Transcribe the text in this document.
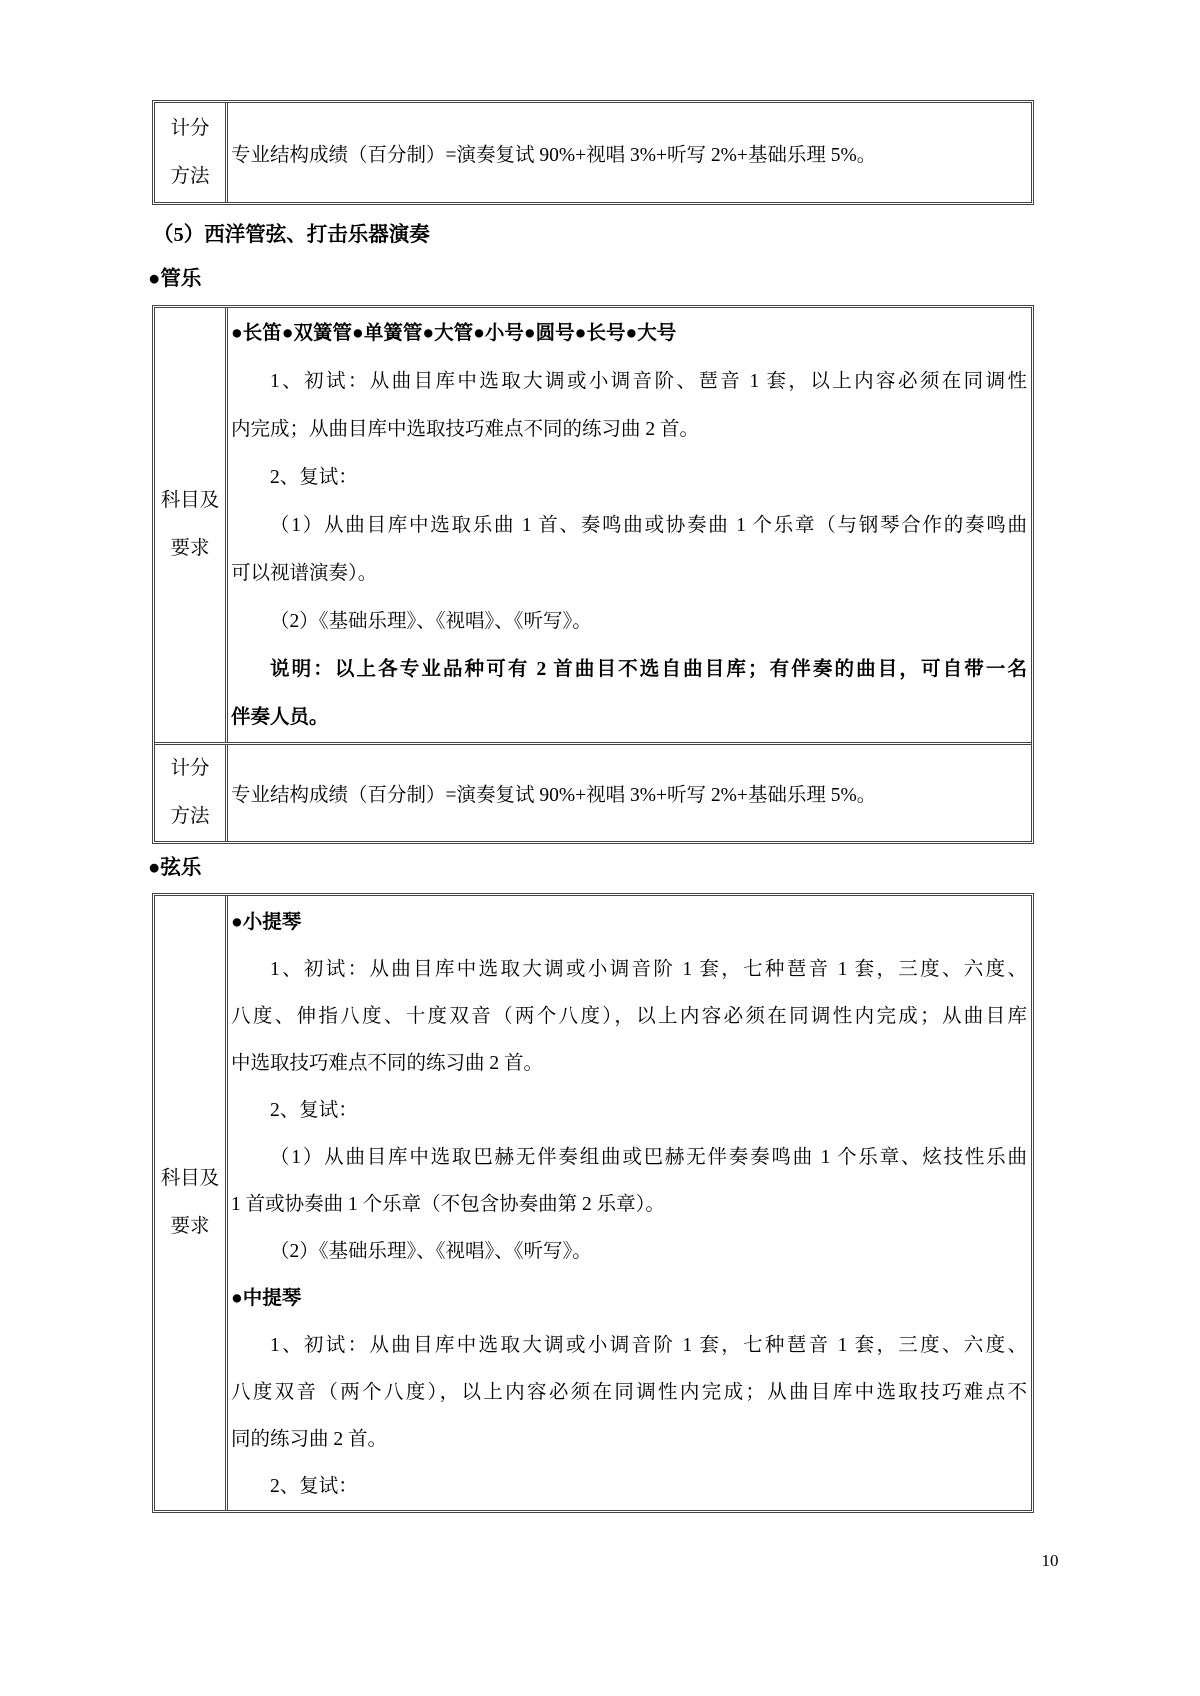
计分
方法
专业结构成绩（百分制）=演奏复试 90%+视唱 3%+听写 2%+基础乐理 5%。
（5）西洋管弦、打击乐器演奏
●管乐
科目及
要求
●长笛●双簧管●单簧管●大管●小号●圆号●长号●大号
1、初试：从曲目库中选取大调或小调音阶、琶音 1 套，以上内容必须在同调性
内完成；从曲目库中选取技巧难点不同的练习曲 2 首。
2、复试：
（1）从曲目库中选取乐曲 1 首、奏鸣曲或协奏曲 1 个乐章（与钢琴合作的奏鸣曲
可以视谱演奏）。
（2）《基础乐理》、《视唱》、《听写》。
说明：以上各专业品种可有 2 首曲目不选自曲目库；有伴奏的曲目，可自带一名
伴奏人员。
计分
方法
专业结构成绩（百分制）=演奏复试 90%+视唱 3%+听写 2%+基础乐理 5%。
●弦乐
科目及
要求
●小提琴
1、初试：从曲目库中选取大调或小调音阶 1 套，七种琶音 1 套，三度、六度、
八度、伸指八度、十度双音（两个八度），以上内容必须在同调性内完成；从曲目库
中选取技巧难点不同的练习曲 2 首。
2、复试：
（1）从曲目库中选取巴赫无伴奏组曲或巴赫无伴奏奏鸣曲 1 个乐章、炫技性乐曲
1 首或协奏曲 1 个乐章（不包含协奏曲第 2 乐章）。
（2）《基础乐理》、《视唱》、《听写》。
●中提琴
1、初试：从曲目库中选取大调或小调音阶 1 套，七种琶音 1 套，三度、六度、
八度双音（两个八度），以上内容必须在同调性内完成；从曲目库中选取技巧难点不
同的练习曲 2 首。
2、复试：
10
